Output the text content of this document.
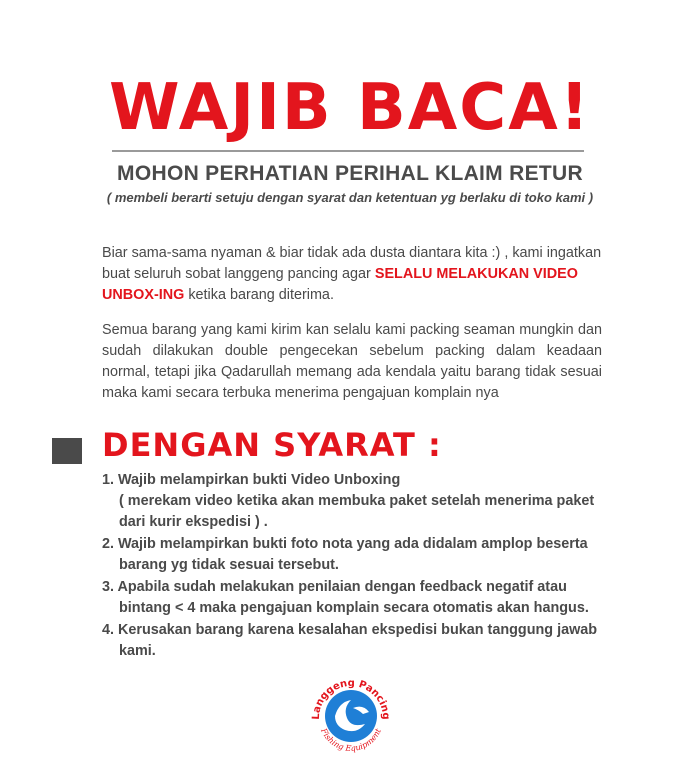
WAJIB BACA!
MOHON PERHATIAN PERIHAL KLAIM RETUR
( membeli berarti setuju dengan syarat dan ketentuan yg berlaku di toko kami )

Biar sama-sama nyaman & biar tidak ada dusta diantara kita :) , kami ingatkan buat seluruh sobat langgeng pancing agar SELALU MELAKUKAN VIDEO UNBOX-ING ketika barang diterima.

Semua barang yang kami kirim kan selalu kami packing seaman mungkin dan sudah dilakukan double pengecekan sebelum packing dalam keadaan normal, tetapi jika Qadarullah memang ada kendala yaitu barang tidak sesuai maka kami secara terbuka menerima pengajuan komplain nya

DENGAN SYARAT :
1. Wajib melampirkan bukti Video Unboxing
( merekam video ketika akan membuka paket setelah menerima paket dari kurir ekspedisi ) .
2. Wajib melampirkan bukti foto nota yang ada didalam amplop beserta barang yg tidak sesuai tersebut.
3. Apabila sudah melakukan penilaian dengan feedback negatif atau bintang < 4 maka pengajuan komplain secara otomatis akan hangus.
4. Kerusakan barang karena kesalahan ekspedisi bukan tanggung jawab kami.
Langgeng Pancing
Fishing Equipment
